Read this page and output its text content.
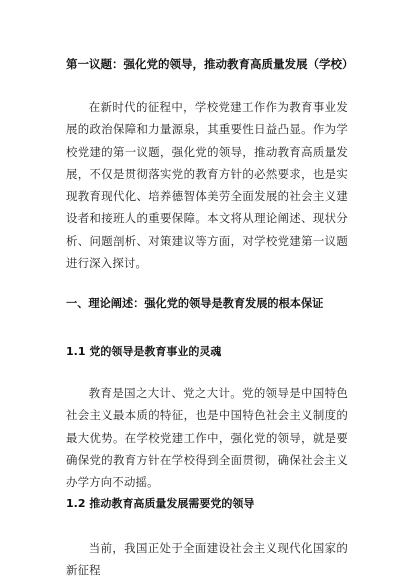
第一议题：强化党的领导，推动教育高质量发展（学校）

在新时代的征程中，学校党建工作作为教育事业发展的政治保障和力量源泉，其重要性日益凸显。作为学校党建的第一议题，强化党的领导，推动教育高质量发展，不仅是贯彻落实党的教育方针的必然要求，也是实现教育现代化、培养德智体美劳全面发展的社会主义建设者和接班人的重要保障。本文将从理论阐述、现状分析、问题剖析、对策建议等方面，对学校党建第一议题进行深入探讨。

一、理论阐述：强化党的领导是教育发展的根本保证
1.1 党的领导是教育事业的灵魂

教育是国之大计、党之大计。党的领导是中国特色社会主义最本质的特征，也是中国特色社会主义制度的最大优势。在学校党建工作中，强化党的领导，就是要确保党的教育方针在学校得到全面贯彻，确保社会主义办学方向不动摇。

1.2 推动教育高质量发展需要党的领导

当前，我国正处于全面建设社会主义现代化国家的新征程
